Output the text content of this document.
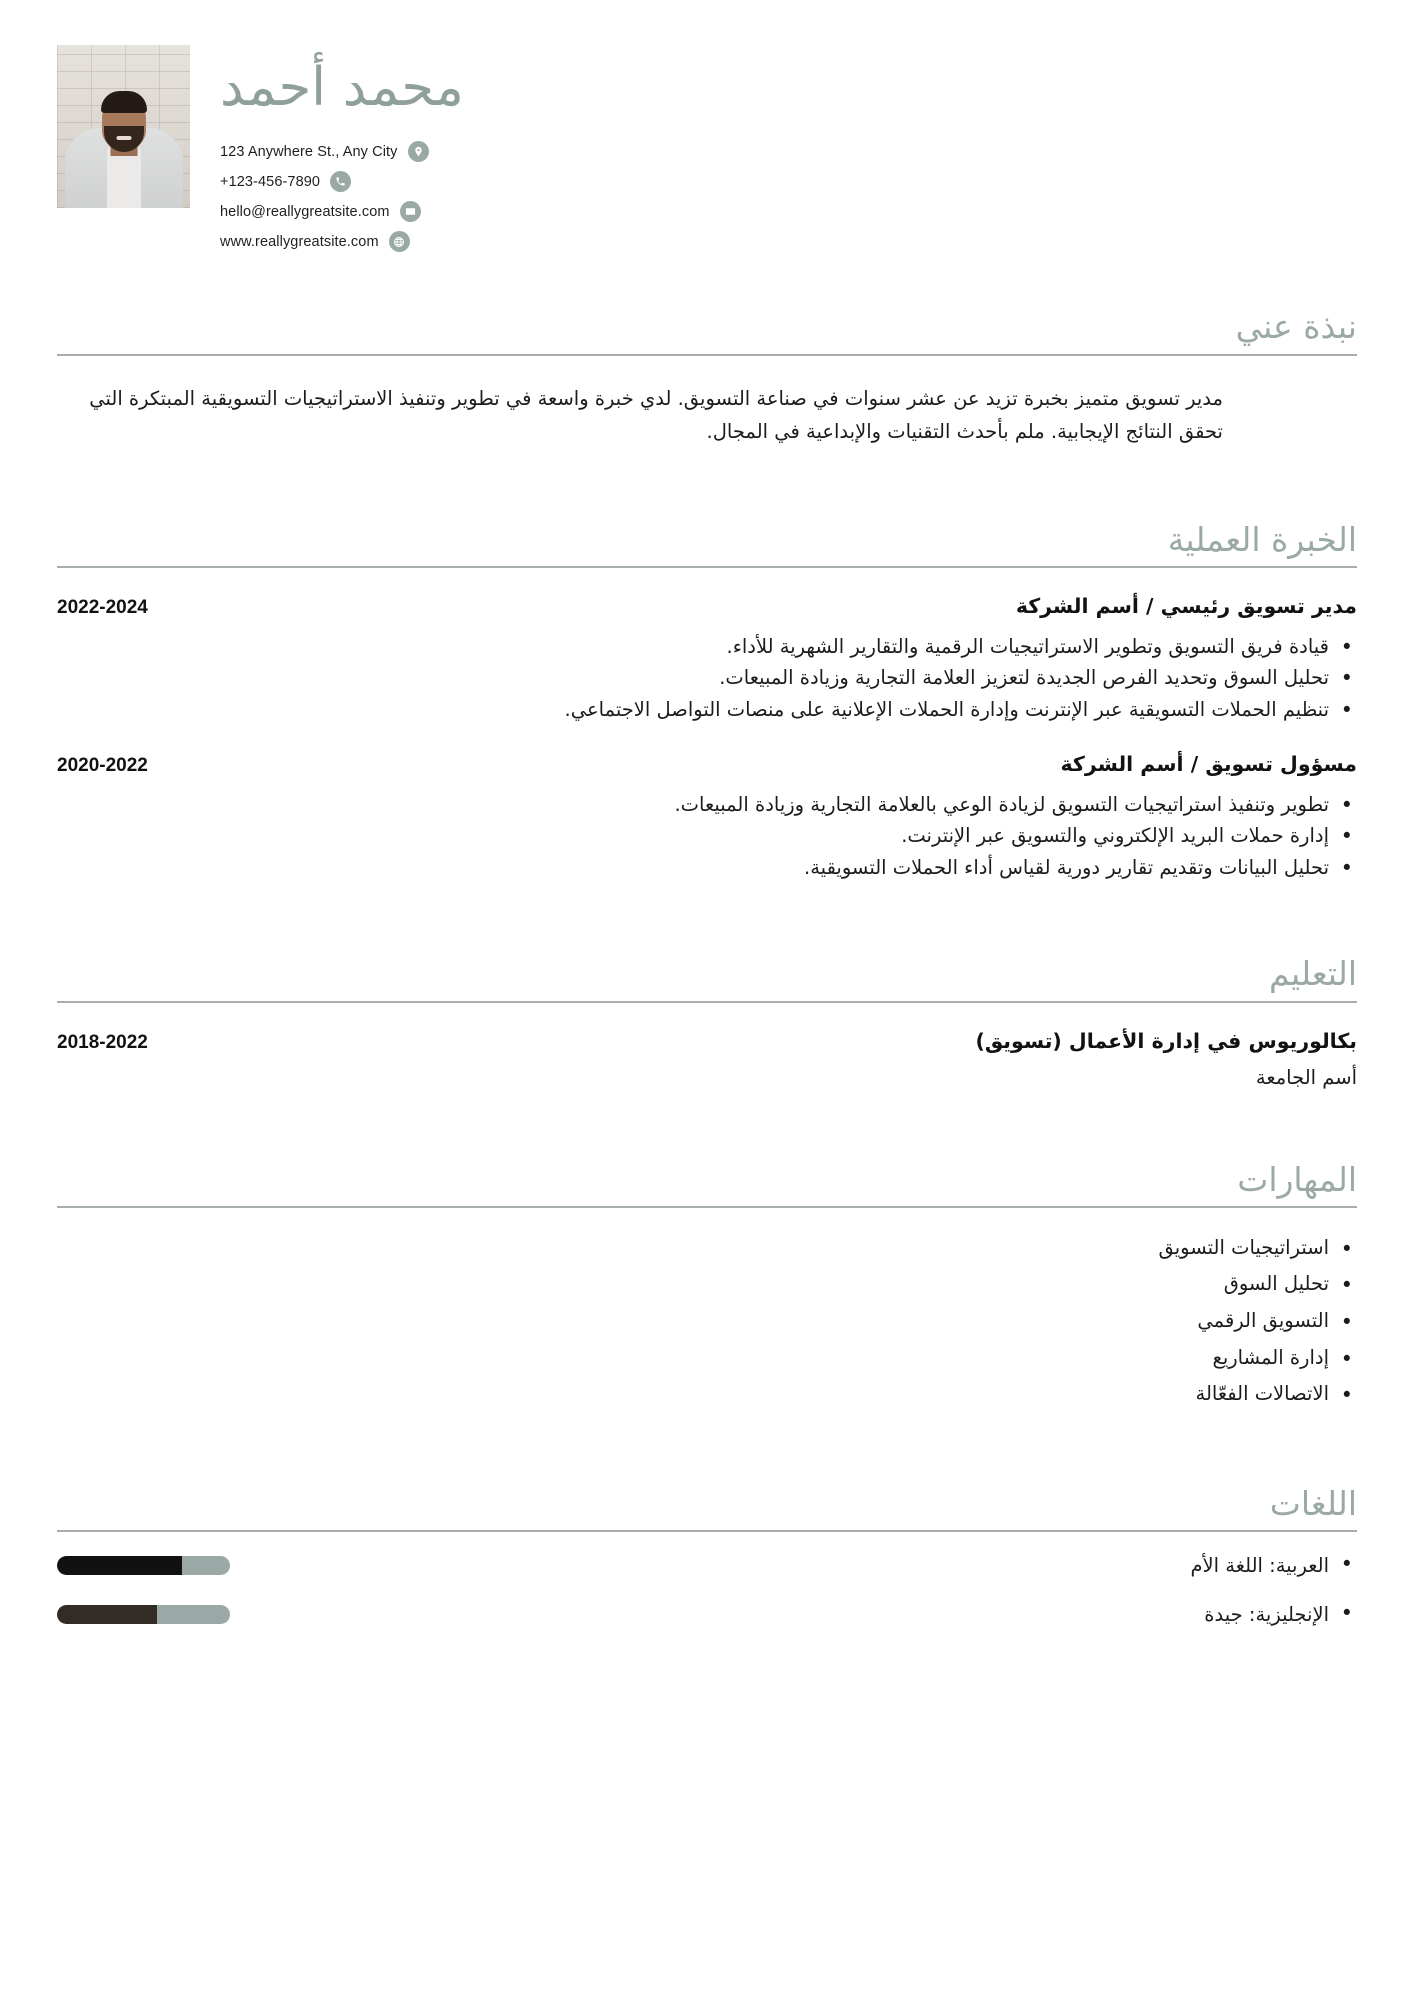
محمد أحمد
123 Anywhere St., Any City
+123-456-7890
hello@reallygreatsite.com
www.reallygreatsite.com
نبذة عني

مدير تسويق متميز بخبرة تزيد عن عشر سنوات في صناعة التسويق. لدي خبرة واسعة في تطوير وتنفيذ الاستراتيجيات التسويقية المبتكرة التي تحقق النتائج الإيجابية. ملم بأحدث التقنيات والإبداعية في المجال.

الخبرة العملية
مدير تسويق رئيسي / أسم الشركة
2022-2024
• قيادة فريق التسويق وتطوير الاستراتيجيات الرقمية والتقارير الشهرية للأداء.
• تحليل السوق وتحديد الفرص الجديدة لتعزيز العلامة التجارية وزيادة المبيعات.
• تنظيم الحملات التسويقية عبر الإنترنت وإدارة الحملات الإعلانية على منصات التواصل الاجتماعي.
مسؤول تسويق / أسم الشركة
2020-2022
• تطوير وتنفيذ استراتيجيات التسويق لزيادة الوعي بالعلامة التجارية وزيادة المبيعات.
• إدارة حملات البريد الإلكتروني والتسويق عبر الإنترنت.
• تحليل البيانات وتقديم تقارير دورية لقياس أداء الحملات التسويقية.
التعليم
بكالوريوس في إدارة الأعمال (تسويق)
2018-2022
أسم الجامعة
المهارات
• استراتيجيات التسويق
• تحليل السوق
• التسويق الرقمي
• إدارة المشاريع
• الاتصالات الفعّالة
اللغات
• العربية: اللغة الأم
• الإنجليزية: جيدة
